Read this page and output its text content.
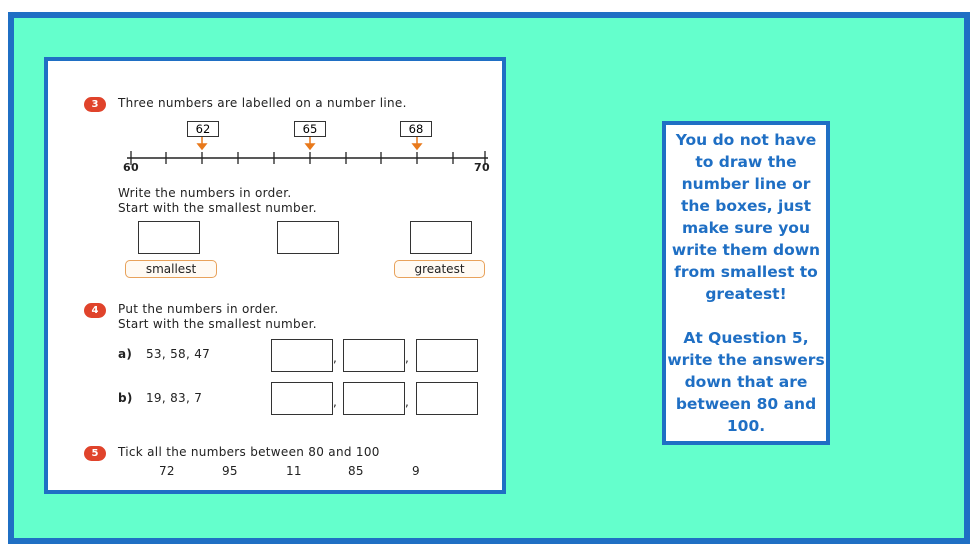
3	Three numbers are labelled on a number line.
62	65	68
60	70
Write the numbers in order.
Start with the smallest number.
smallest	greatest
4	Put the numbers in order.
Start with the smallest number.
a) 53, 58, 47	,	,
b) 19, 83, 7	,	,
5	Tick all the numbers between 80 and 100
72	95	11	85	9

You do not have

to draw the

number line or

the boxes, just

make sure you

write them down

from smallest to

greatest!

At Question 5,

write the answers

down that are

between 80 and

100.
